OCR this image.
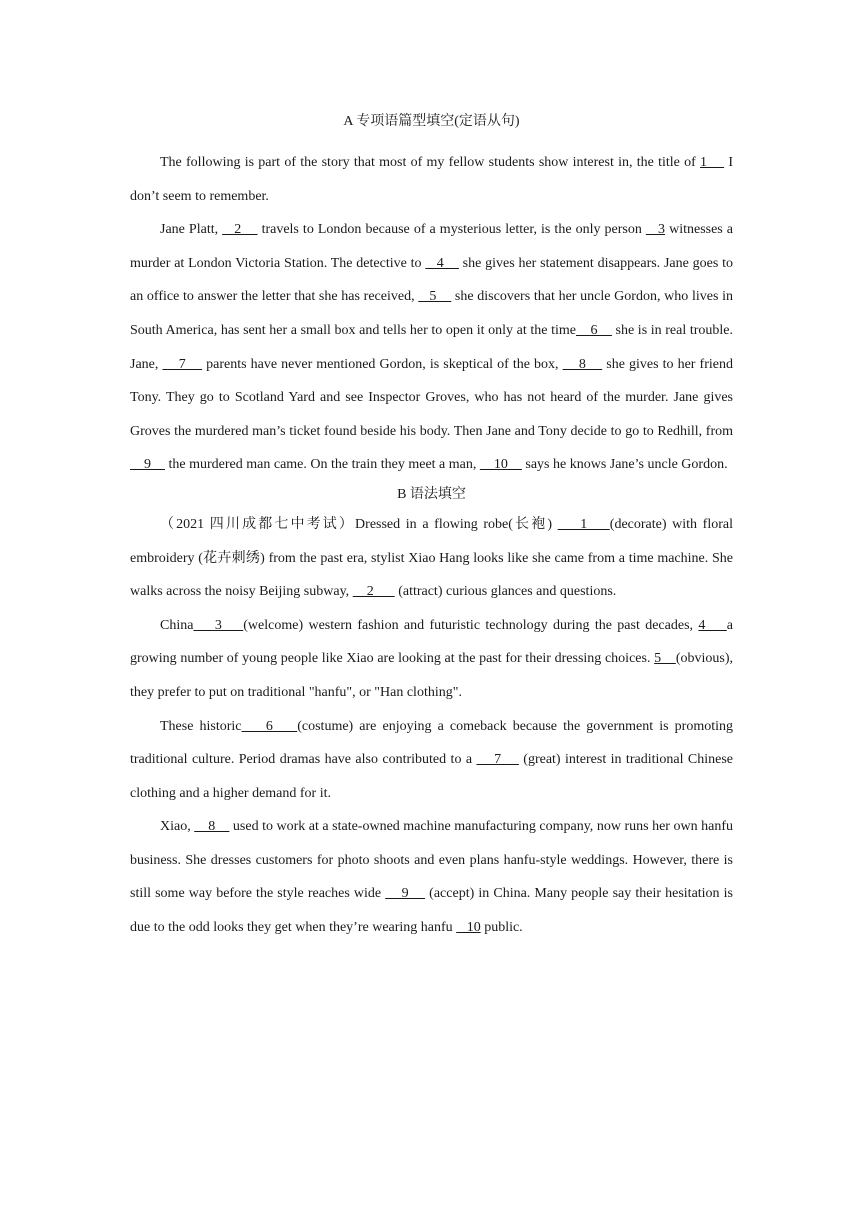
A 专项语篇型填空(定语从句)

The following is part of the story that most of my fellow students show interest in, the title of 1     I don’t seem to remember.

Jane Platt,    2     travels to London because of a mysterious letter, is the only person    3 witnesses a murder at London Victoria Station. The detective to    4     she gives her statement disappears. Jane goes to an office to answer the letter that she has received,    5     she discovers that her uncle Gordon, who lives in South America, has sent her a small box and tells her to open it only at the time    6     she is in real trouble. Jane,     7     parents have never mentioned Gordon, is skeptical of the box,     8     she gives to her friend Tony. They go to Scotland Yard and see Inspector Groves, who has not heard of the murder. Jane gives Groves the murdered man’s ticket found beside his body. Then Jane and Tony decide to go to Redhill, from     9     the murdered man came. On the train they meet a man,     10     says he knows Jane’s uncle Gordon.

B 语法填空

（2021 四川成都七中考试）Dressed in a flowing robe(长袍)     1    (decorate) with floral embroidery (花卉刺绣) from the past era, stylist Xiao Hang looks like she came from a time machine. She walks across the noisy Beijing subway,     2       (attract) curious glances and questions.

China    3    (welcome) western fashion and futuristic technology during the past decades, 4    a growing number of young people like Xiao are looking at the past for their dressing choices. 5    (obvious), they prefer to put on traditional "hanfu", or "Han clothing".

These historic    6    (costume) are enjoying a comeback because the government is promoting traditional culture. Period dramas have also contributed to a     7     (great) interest in traditional Chinese clothing and a higher demand for it.

Xiao,     8     used to work at a state-owned machine manufacturing company, now runs her own hanfu business. She dresses customers for photo shoots and even plans hanfu-style weddings. However, there is still some way before the style reaches wide     9     (accept) in China. Many people say their hesitation is due to the odd looks they get when they’re wearing hanfu    10 public.
